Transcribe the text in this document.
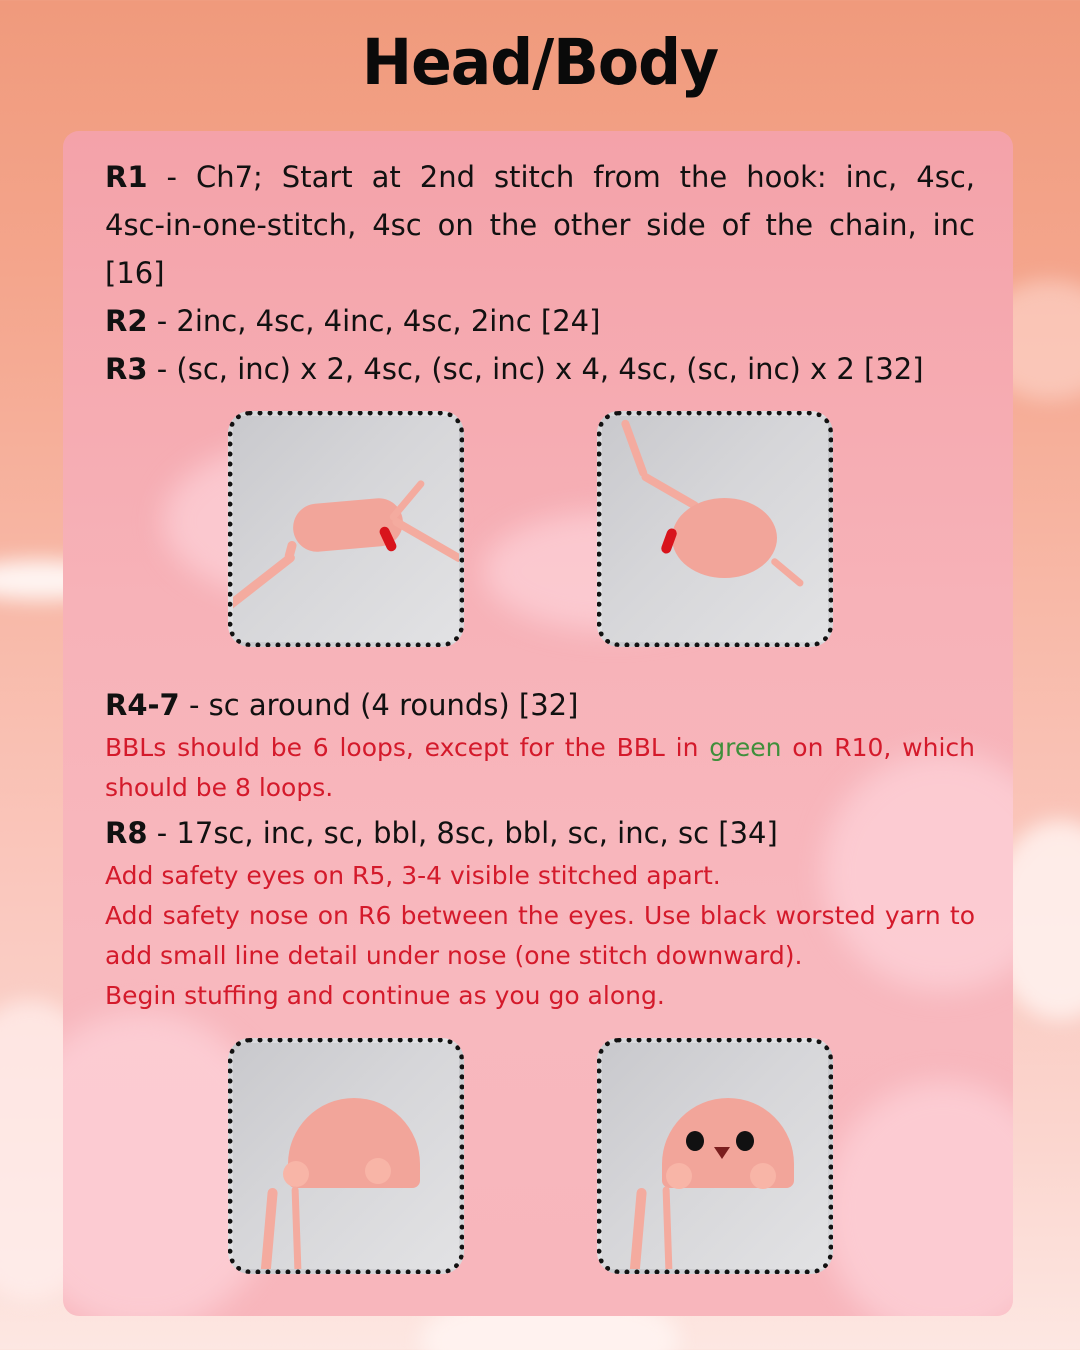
Head/Body
R1 - Ch7; Start at 2nd stitch from the hook: inc, 4sc,
4sc-in-one-stitch, 4sc on the other side of the chain, inc
[16]
R2 - 2inc, 4sc, 4inc, 4sc, 2inc [24]
R3 - (sc, inc) x 2, 4sc, (sc, inc) x 4, 4sc, (sc, inc) x 2 [32]
R4-7 - sc around (4 rounds) [32]
BBLs should be 6 loops, except for the BBL in green on R10, which
should be 8 loops.
R8 - 17sc, inc, sc, bbl, 8sc, bbl, sc, inc, sc [34]
Add safety eyes on R5, 3-4 visible stitched apart.
Add safety nose on R6 between the eyes. Use black worsted yarn to
add small line detail under nose (one stitch downward).
Begin stuffing and continue as you go along.
